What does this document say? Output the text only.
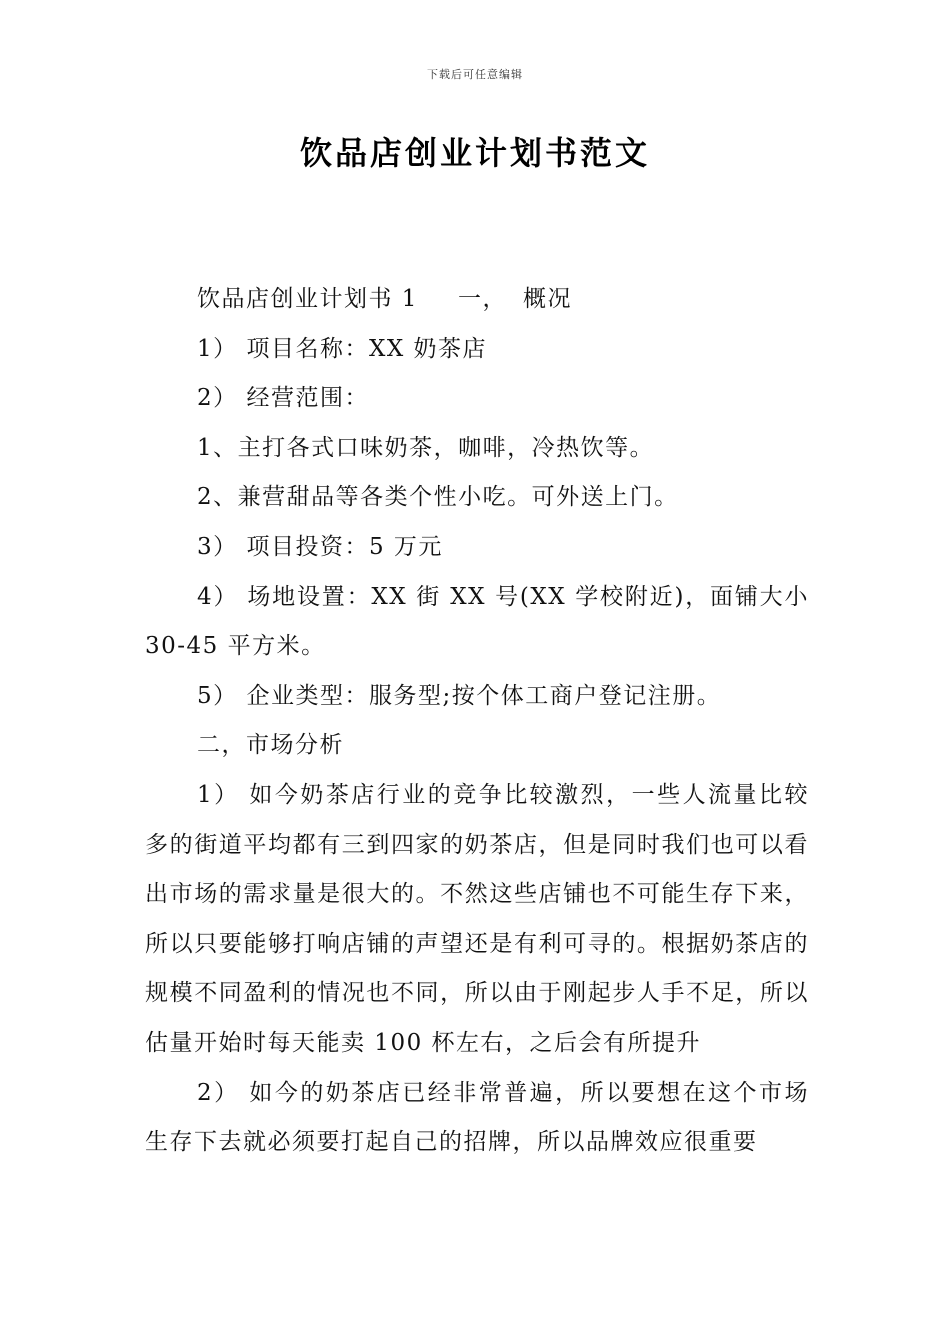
下载后可任意编辑
饮品店创业计划书范文

饮品店创业计划书 1 一， 概况

1） 项目名称：XX 奶茶店

2） 经营范围：

1、主打各式口味奶茶，咖啡，冷热饮等。

2、兼营甜品等各类个性小吃。可外送上门。

3） 项目投资：5 万元

4） 场地设置：XX 街 XX 号(XX 学校附近)，面铺大小 30-45 平方米。

5） 企业类型：服务型;按个体工商户登记注册。

二，市场分析

1） 如今奶茶店行业的竞争比较激烈，一些人流量比较多的街道平均都有三到四家的奶茶店，但是同时我们也可以看出市场的需求量是很大的。不然这些店铺也不可能生存下来，所以只要能够打响店铺的声望还是有利可寻的。根据奶茶店的规模不同盈利的情况也不同，所以由于刚起步人手不足，所以估量开始时每天能卖 100 杯左右，之后会有所提升

2） 如今的奶茶店已经非常普遍，所以要想在这个市场生存下去就必须要打起自己的招牌，所以品牌效应很重要
